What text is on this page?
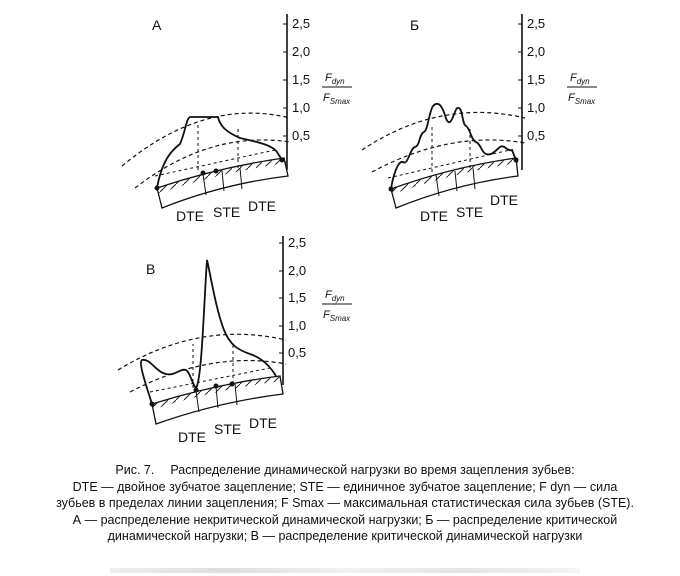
А	2,5
2,0
1,5
1,0
0,5
$F_{dyn}$
$F_{Smax}$
DTE STE DTE
Б	2,5
2,0
1,5
1,0
0,5
$F_{dyn}$
$F_{Smax}$
DTE STE
DTE
В
2,5
2,0
1,5
1,0
0,5
$F_{dyn}$
$F_{Smax}$
DTE STE DTE
Рис. 7. Распределение динамической нагрузки во время зацепления зубьев:
DTE — двойное зубчатое зацепление; STE — единичное зубчатое зацепление; F dyn — сила
зубьев в пределах линии зацепления; F Smax — максимальная статистическая сила зубьев (STE).
А — распределение некритической динамической нагрузки; Б — распределение критической
динамической нагрузки; В — распределение критической динамической нагрузки
